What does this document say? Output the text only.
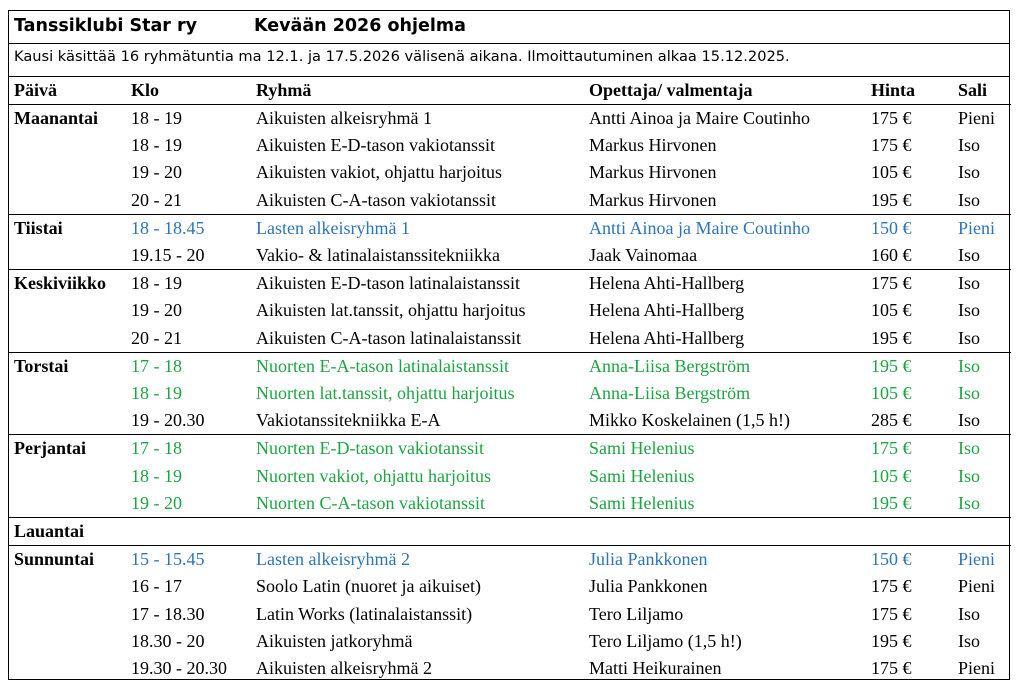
Tanssiklubi Star ry	Kevään 2026 ohjelma
Kausi käsittää 16 ryhmätuntia ma 12.1. ja 17.5.2026 välisenä aikana. Ilmoittautuminen alkaa 15.12.2025.
Päivä	Klo	Ryhmä	Opettaja/ valmentaja	Hinta	Sali
Maanantai	18 - 19	Aikuisten alkeisryhmä 1	Antti Ainoa ja Maire Coutinho	175 €	Pieni
	18 - 19	Aikuisten E-D-tason vakiotanssit	Markus Hirvonen	175 €	Iso
	19 - 20	Aikuisten vakiot, ohjattu harjoitus	Markus Hirvonen	105 €	Iso
	20 - 21	Aikuisten C-A-tason vakiotanssit	Markus Hirvonen	195 €	Iso
Tiistai	18 - 18.45	Lasten alkeisryhmä 1	Antti Ainoa ja Maire Coutinho	150 €	Pieni
	19.15 - 20	Vakio- & latinalaistanssitekniikka	Jaak Vainomaa	160 €	Iso
Keskiviikko	18 - 19	Aikuisten E-D-tason latinalaistanssit	Helena Ahti-Hallberg	175 €	Iso
	19 - 20	Aikuisten lat.tanssit, ohjattu harjoitus	Helena Ahti-Hallberg	105 €	Iso
	20 - 21	Aikuisten C-A-tason latinalaistanssit	Helena Ahti-Hallberg	195 €	Iso
Torstai	17 - 18	Nuorten E-A-tason latinalaistanssit	Anna-Liisa Bergström	195 €	Iso
	18 - 19	Nuorten lat.tanssit, ohjattu harjoitus	Anna-Liisa Bergström	105 €	Iso
	19 - 20.30	Vakiotanssitekniikka E-A	Mikko Koskelainen (1,5 h!)	285 €	Iso
Perjantai	17 - 18	Nuorten E-D-tason vakiotanssit	Sami Helenius	175 €	Iso
	18 - 19	Nuorten vakiot, ohjattu harjoitus	Sami Helenius	105 €	Iso
	19 - 20	Nuorten C-A-tason vakiotanssit	Sami Helenius	195 €	Iso
Lauantai					
Sunnuntai	15 - 15.45	Lasten alkeisryhmä 2	Julia Pankkonen	150 €	Pieni
	16 - 17	Soolo Latin (nuoret ja aikuiset)	Julia Pankkonen	175 €	Pieni
	17 - 18.30	Latin Works (latinalaistanssit)	Tero Liljamo	175 €	Iso
	18.30 - 20	Aikuisten jatkoryhmä	Tero Liljamo (1,5 h!)	195 €	Iso
	19.30 - 20.30	Aikuisten alkeisryhmä 2	Matti Heikurainen	175 €	Pieni
